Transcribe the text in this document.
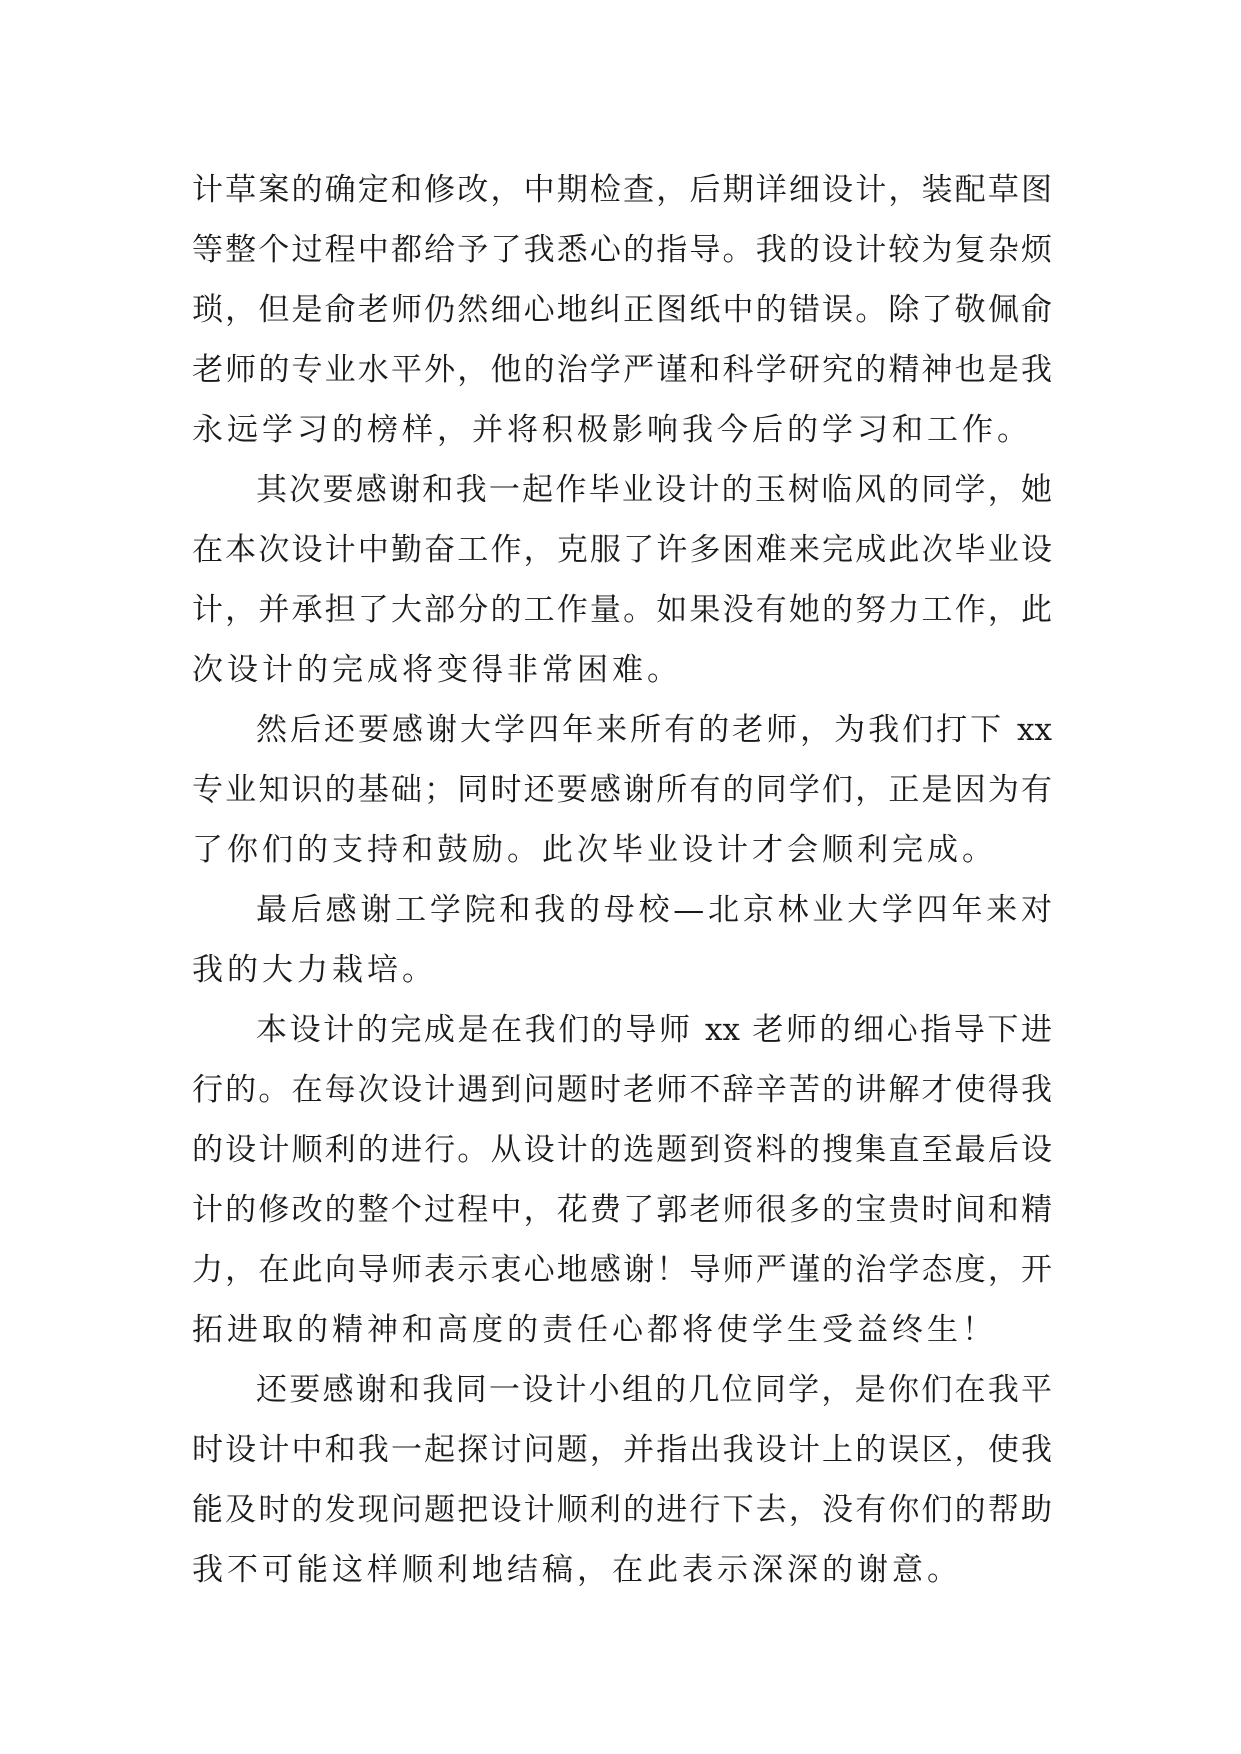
计草案的确定和修改，中期检查，后期详细设计，装配草图
等整个过程中都给予了我悉心的指导。我的设计较为复杂烦
琐，但是俞老师仍然细心地纠正图纸中的错误。除了敬佩俞
老师的专业水平外，他的治学严谨和科学研究的精神也是我
永远学习的榜样，并将积极影响我今后的学习和工作。
其次要感谢和我一起作毕业设计的玉树临风的同学，她
在本次设计中勤奋工作，克服了许多困难来完成此次毕业设
计，并承担了大部分的工作量。如果没有她的努力工作，此
次设计的完成将变得非常困难。
然后还要感谢大学四年来所有的老师，为我们打下 xx
专业知识的基础；同时还要感谢所有的同学们，正是因为有
了你们的支持和鼓励。此次毕业设计才会顺利完成。
最后感谢工学院和我的母校—北京林业大学四年来对
我的大力栽培。
本设计的完成是在我们的导师 xx 老师的细心指导下进
行的。在每次设计遇到问题时老师不辞辛苦的讲解才使得我
的设计顺利的进行。从设计的选题到资料的搜集直至最后设
计的修改的整个过程中，花费了郭老师很多的宝贵时间和精
力，在此向导师表示衷心地感谢！导师严谨的治学态度，开
拓进取的精神和高度的责任心都将使学生受益终生！
还要感谢和我同一设计小组的几位同学，是你们在我平
时设计中和我一起探讨问题，并指出我设计上的误区，使我
能及时的发现问题把设计顺利的进行下去，没有你们的帮助
我不可能这样顺利地结稿，在此表示深深的谢意。
